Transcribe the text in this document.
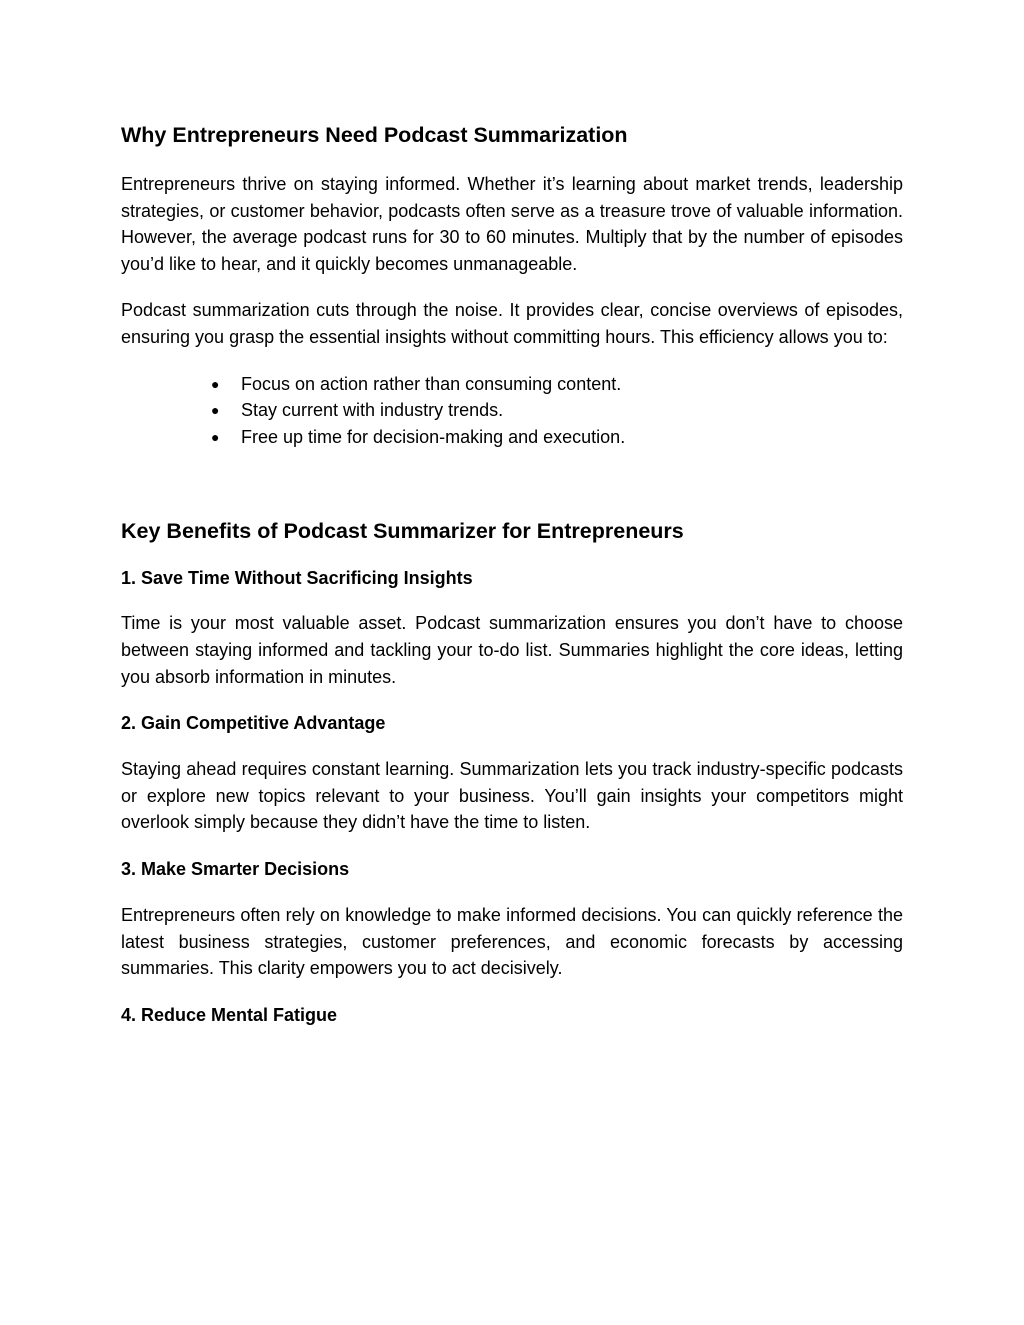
Why Entrepreneurs Need Podcast Summarization

Entrepreneurs thrive on staying informed. Whether it’s learning about market trends, leadership strategies, or customer behavior, podcasts often serve as a treasure trove of valuable information. However, the average podcast runs for 30 to 60 minutes. Multiply that by the number of episodes you’d like to hear, and it quickly becomes unmanageable.

Podcast summarization cuts through the noise. It provides clear, concise overviews of episodes, ensuring you grasp the essential insights without committing hours. This efficiency allows you to:

●	Focus on action rather than consuming content.
●	Stay current with industry trends.
●	Free up time for decision-making and execution.
Key Benefits of Podcast Summarizer for Entrepreneurs
1. Save Time Without Sacrificing Insights

Time is your most valuable asset. Podcast summarization ensures you don’t have to choose between staying informed and tackling your to-do list. Summaries highlight the core ideas, letting you absorb information in minutes.

2. Gain Competitive Advantage

Staying ahead requires constant learning. Summarization lets you track industry-specific podcasts or explore new topics relevant to your business. You’ll gain insights your competitors might overlook simply because they didn’t have the time to listen.

3. Make Smarter Decisions

Entrepreneurs often rely on knowledge to make informed decisions. You can quickly reference the latest business strategies, customer preferences, and economic forecasts by accessing summaries. This clarity empowers you to act decisively.

4. Reduce Mental Fatigue
